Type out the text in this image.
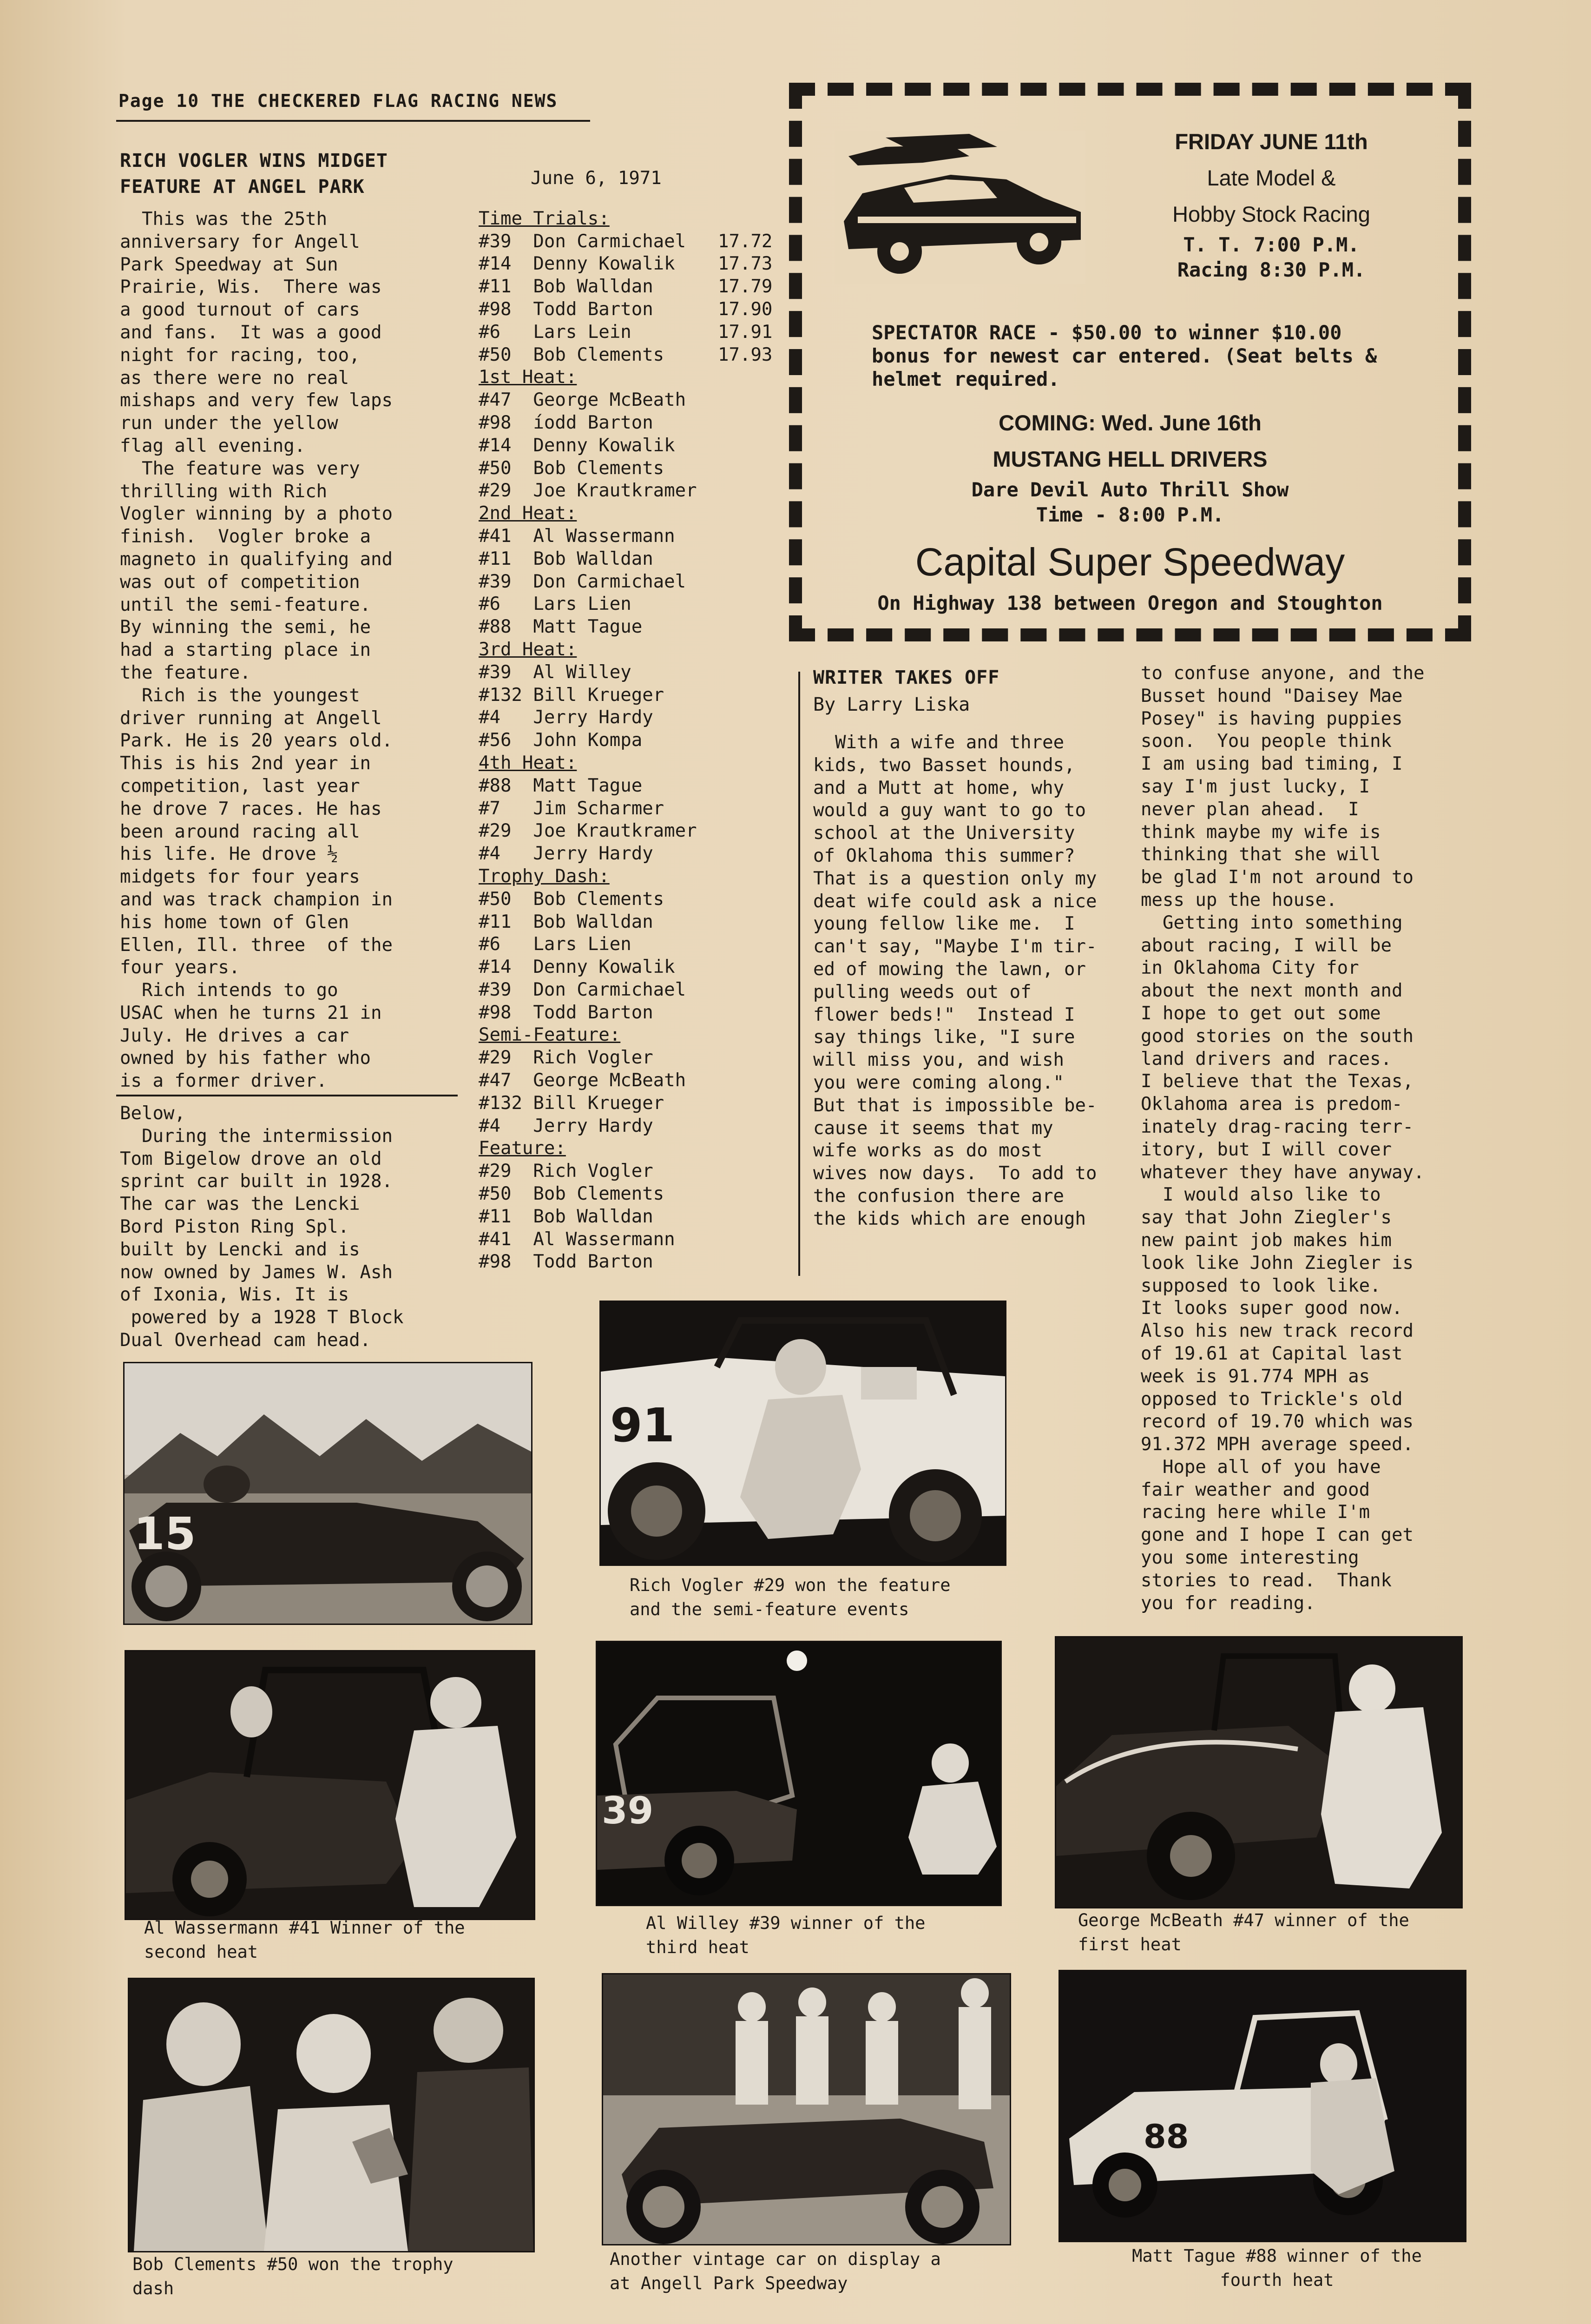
Page 10 THE CHECKERED FLAG RACING NEWS
RICH VOGLER WINS MIDGET
FEATURE AT ANGEL PARK
This was the 25th
anniversary for Angell
Park Speedway at Sun
Prairie, Wis.  There was
a good turnout of cars
and fans.  It was a good
night for racing, too,
as there were no real
mishaps and very few laps
run under the yellow
flag all evening.
The feature was very
thrilling with Rich
Vogler winning by a photo
finish.  Vogler broke a
magneto in qualifying and
was out of competition
until the semi-feature.
By winning the semi, he
had a starting place in
the feature.
Rich is the youngest
driver running at Angell
Park. He is 20 years old.
This is his 2nd year in
competition, last year
he drove 7 races. He has
been around racing all
his life. He drove ½
midgets for four years
and was track champion in
his home town of Glen
Ellen, Ill. three  of the
four years.
Rich intends to go
USAC when he turns 21 in
July. He drives a car
owned by his father who
is a former driver.
Below,
During the intermission
Tom Bigelow drove an old
sprint car built in 1928.
The car was the Lencki
Bord Piston Ring Spl.
built by Lencki and is
now owned by James W. Ash
of Ixonia, Wis. It is
powered by a 1928 T Block
Dual Overhead cam head.
June 6, 1971
Time Trials:
#39  Don Carmichael 17.72
#14  Denny Kowalik 17.73
#11  Bob Walldan	17.79
#98  Todd Barton	17.90
#6   Lars Lein	17.91
#50  Bob Clements	17.93
1st Heat:
#47  George McBeath
#98  íodd Barton
#14  Denny Kowalik
#50  Bob Clements
#29  Joe Krautkramer
2nd Heat:
#41  Al Wassermann
#11  Bob Walldan
#39  Don Carmichael
#6   Lars Lien
#88  Matt Tague
3rd Heat:
#39  Al Willey
#132 Bill Krueger
#4   Jerry Hardy
#56  John Kompa
4th Heat:
#88  Matt Tague
#7   Jim Scharmer
#29  Joe Krautkramer
#4   Jerry Hardy
Trophy Dash:
#50  Bob Clements
#11  Bob Walldan
#6   Lars Lien
#14  Denny Kowalik
#39  Don Carmichael
#98  Todd Barton
Semi-Feature:
#29  Rich Vogler
#47  George McBeath
#132 Bill Krueger
#4   Jerry Hardy
Feature:
#29  Rich Vogler
#50  Bob Clements
#11  Bob Walldan
#41  Al Wassermann
#98  Todd Barton
FRIDAY JUNE 11th
Late Model &
Hobby Stock Racing
T. T. 7:00 P.M.
Racing 8:30 P.M.
SPECTATOR RACE - $50.00 to winner $10.00
bonus for newest car entered. (Seat belts &
helmet required.
COMING: Wed. June 16th
MUSTANG HELL DRIVERS
Dare Devil Auto Thrill Show
Time - 8:00 P.M.
Capital Super Speedway
On Highway 138 between Oregon and Stoughton
WRITER TAKES OFF
By Larry Liska
With a wife and three
kids, two Basset hounds,
and a Mutt at home, why
would a guy want to go to
school at the University
of Oklahoma this summer?
That is a question only my
deat wife could ask a nice
young fellow like me.  I
can't say, "Maybe I'm tir-
ed of mowing the lawn, or
pulling weeds out of
flower beds!"  Instead I
say things like, "I sure
will miss you, and wish
you were coming along."
But that is impossible be-
cause it seems that my
wife works as do most
wives now days.  To add to
the confusion there are
the kids which are enough
to confuse anyone, and the
Busset hound "Daisey Mae
Posey" is having puppies
soon.  You people think
I am using bad timing, I
say I'm just lucky, I
never plan ahead.  I
think maybe my wife is
thinking that she will
be glad I'm not around to
mess up the house.
Getting into something
about racing, I will be
in Oklahoma City for
about the next month and
I hope to get out some
good stories on the south
land drivers and races.
I believe that the Texas,
Oklahoma area is predom-
inately drag-racing terr-
itory, but I will cover
whatever they have anyway.
I would also like to
say that John Ziegler's
new paint job makes him
look like John Ziegler is
supposed to look like.
It looks super good now.
Also his new track record
of 19.61 at Capital last
week is 91.774 MPH as
opposed to Trickle's old
record of 19.70 which was
91.372 MPH average speed.
Hope all of you have
fair weather and good
racing here while I'm
gone and I hope I can get
you some interesting
stories to read.  Thank
you for reading.
15
91
39
88
Rich Vogler #29 won the feature
and the semi-feature events
Al Wassermann #41 Winner of the
second heat
Al Willey #39 winner of the
third heat
George McBeath #47 winner of the
first heat
Bob Clements #50 won the trophy
dash
Another vintage car on display a
at Angell Park Speedway
Matt Tague #88 winner of the
fourth heat
